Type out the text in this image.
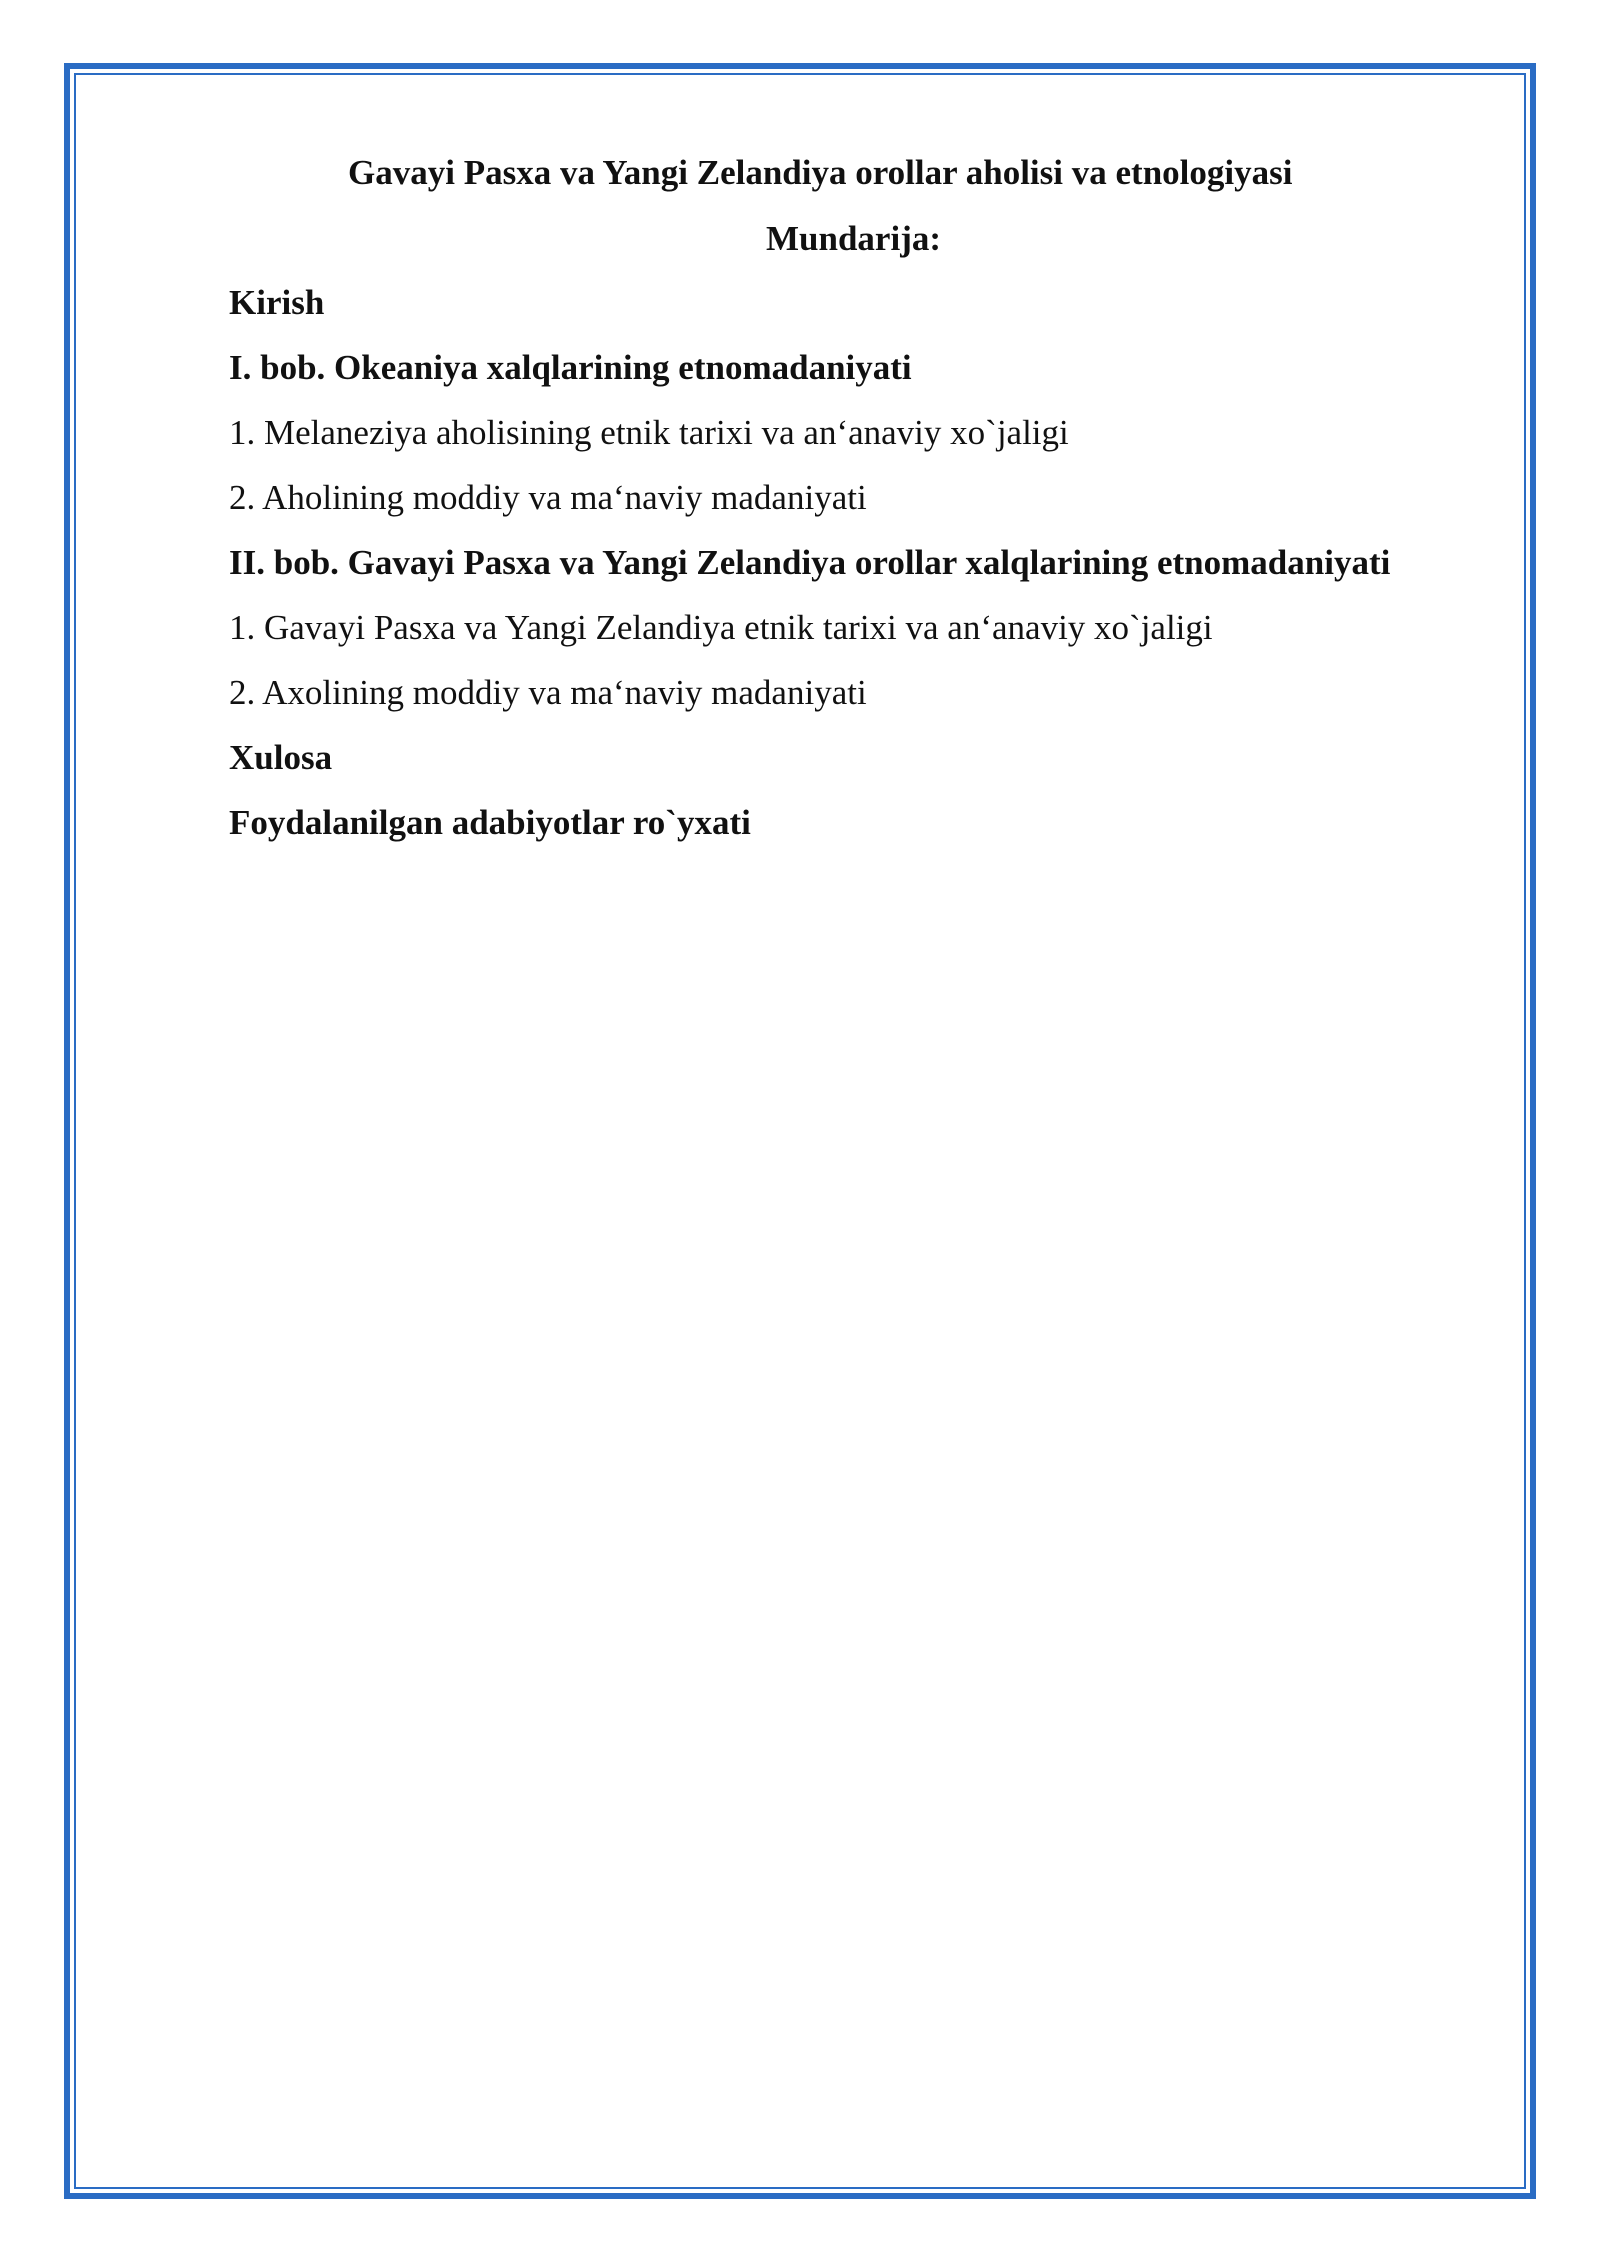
Gavayi Pasxa va Yangi Zelandiya orollar aholisi va etnologiyasi
Mundarija:
Kirish
I. bob. Okeaniya xalqlarining etnomadaniyati
1. Melaneziya aholisining etnik tarixi va an‘anaviy xo`jaligi
2. Aholining moddiy va ma‘naviy madaniyati
II. bob. Gavayi Pasxa va Yangi Zelandiya orollar xalqlarining etnomadaniyati
1. Gavayi Pasxa va Yangi Zelandiya etnik tarixi va an‘anaviy xo`jaligi
2. Axolining moddiy va ma‘naviy madaniyati
Xulosa
Foydalanilgan adabiyotlar ro`yxati
